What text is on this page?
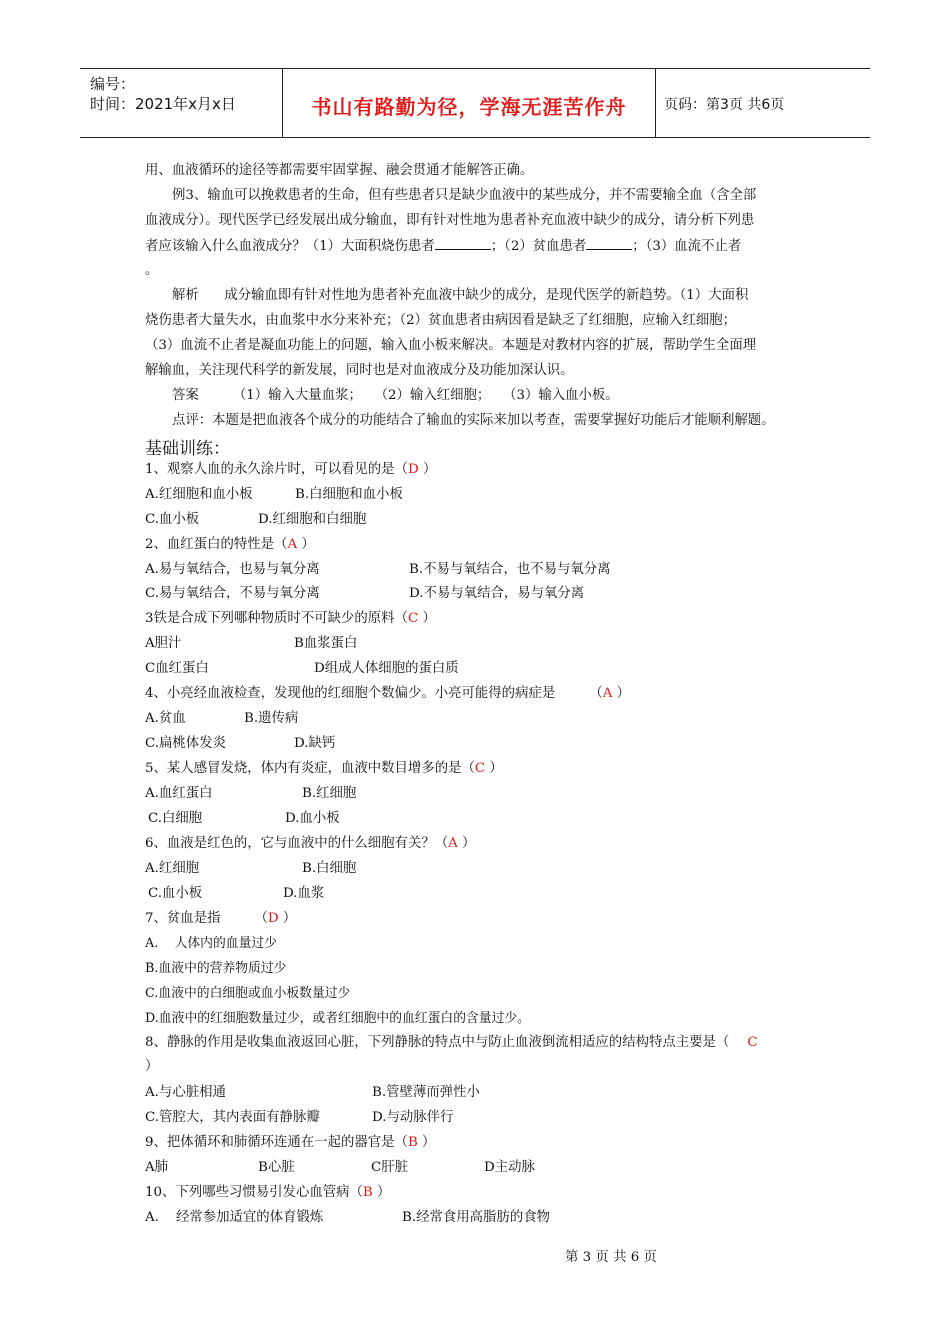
编号：
时间：2021年x月x日	书山有路勤为径，学海无涯苦作舟	页码：第3页 共6页
用、血液循环的途径等都需要牢固掌握、融会贯通才能解答正确。
例3、输血可以挽救患者的生命，但有些患者只是缺少血液中的某些成分，并不需要输全血（含全部
血液成分）。现代医学已经发展出成分输血，即有针对性地为患者补充血液中缺少的成分，请分析下列患
者应该输入什么血液成分？（1）大面积烧伤患者	；（2）贫血患者	；（3）血流不止者
。
解析      成分输血即有针对性地为患者补充血液中缺少的成分，是现代医学的新趋势。（1）大面积
烧伤患者大量失水，由血浆中水分来补充；（2）贫血患者由病因看是缺乏了红细胞，应输入红细胞；
（3）血流不止者是凝血功能上的问题，输入血小板来解决。本题是对教材内容的扩展，帮助学生全面理
解输血，关注现代科学的新发展，同时也是对血液成分及功能加深认识。
答案        （1）输入大量血浆；   （2）输入红细胞；   （3）输入血小板。
点评：本题是把血液各个成分的功能结合了输血的实际来加以考查，需要掌握好功能后才能顺利解题。
基础训练：
1、观察人血的永久涂片时，可以看见的是（D ）
A.红细胞和血小板	B.白细胞和血小板
C.血小板	D.红细胞和白细胞
2、血红蛋白的特性是（A ）
A.易与氧结合，也易与氧分离	B.不易与氧结合，也不易与氧分离
C.易与氧结合，不易与氧分离	D.不易与氧结合，易与氧分离
3铁是合成下列哪种物质时不可缺少的原料（C ）
A胆汁	B血浆蛋白
C血红蛋白	D组成人体细胞的蛋白质
4、小亮经血液检查，发现他的红细胞个数偏少。小亮可能得的病症是        （A ）
A.贫血	B.遗传病
C.扁桃体发炎	D.缺钙
5、某人感冒发烧，体内有炎症，血液中数目增多的是（C ）
A.血红蛋白	B.红细胞
C.白细胞	D.血小板
6、血液是红色的，它与血液中的什么细胞有关？（A ）
A.红细胞	B.白细胞
C.血小板	D.血浆
7、贫血是指        （D ）
A.    人体内的血量过少
B.血液中的营养物质过少
C.血液中的白细胞或血小板数量过少
D.血液中的红细胞数量过少，或者红细胞中的血红蛋白的含量过少。
8、静脉的作用是收集血液返回心脏，下列静脉的特点中与防止血液倒流相适应的结构特点主要是（ C
）
A.与心脏相通	B.管壁薄而弹性小
C.管腔大，其内表面有静脉瓣	D.与动脉伴行
9、把体循环和肺循环连通在一起的器官是（B ）
A肺	B心脏	C肝脏	D主动脉
10、下列哪些习惯易引发心血管病（B ）
A.    经常参加适宜的体育锻炼	B.经常食用高脂肪的食物
第 3 页 共 6 页
